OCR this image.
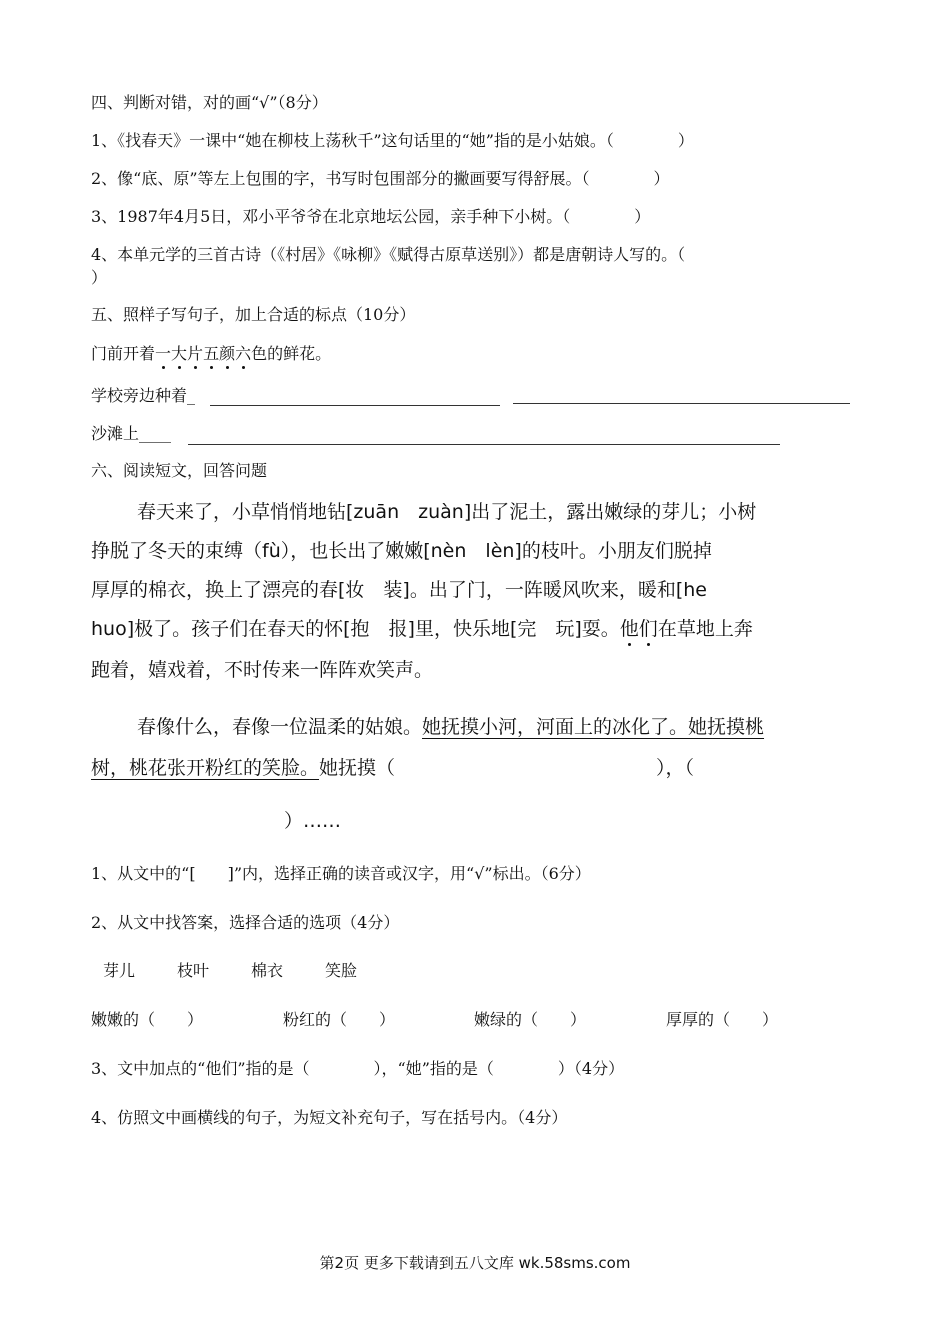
四、判断对错，对的画“√”（8分）
1、《找春天》一课中“她在柳枝上荡秋千”这句话里的“她”指的是小姑娘。（　　　　）
2、像“底、原”等左上包围的字，书写时包围部分的撇画要写得舒展。（　　　　）
3、1987年4月5日，邓小平爷爷在北京地坛公园，亲手种下小树。（　　　　）
4、本单元学的三首古诗（《村居》《咏柳》《赋得古原草送别》）都是唐朝诗人写的。（
）
五、照样子写句子，加上合适的标点（10分）
门前开着一大片五颜六色的鲜花。
学校旁边种着_
沙滩上____
六、阅读短文，回答问题
春天来了，小草悄悄地钻[zuān　zuàn]出了泥土，露出嫩绿的芽儿；小树
挣脱了冬天的束缚（fù），也长出了嫩嫩[nèn　lèn]的枝叶。小朋友们脱掉
厚厚的棉衣，换上了漂亮的春[妆　装]。出了门，一阵暖风吹来，暖和[he
huo]极了。孩子们在春天的怀[抱　报]里，快乐地[完　玩]耍。他们在草地上奔
跑着，嬉戏着，不时传来一阵阵欢笑声。
春像什么，春像一位温柔的姑娘。她抚摸小河，河面上的冰化了。她抚摸桃
树，桃花张开粉红的笑脸。她抚摸（	），（
）……
1、从文中的“[　　]”内，选择正确的读音或汉字，用“√”标出。（6分）
2、从文中找答案，选择合适的选项（4分）
芽儿	枝叶	棉衣	笑脸
嫩嫩的（　　）	粉红的（　　）	嫩绿的（　　）	厚厚的（　　）
3、文中加点的“他们”指的是（　　　　），“她”指的是（　　　　）（4分）
4、仿照文中画横线的句子，为短文补充句子，写在括号内。（4分）
第2页 更多下载请到五八文库 wk.58sms.com
